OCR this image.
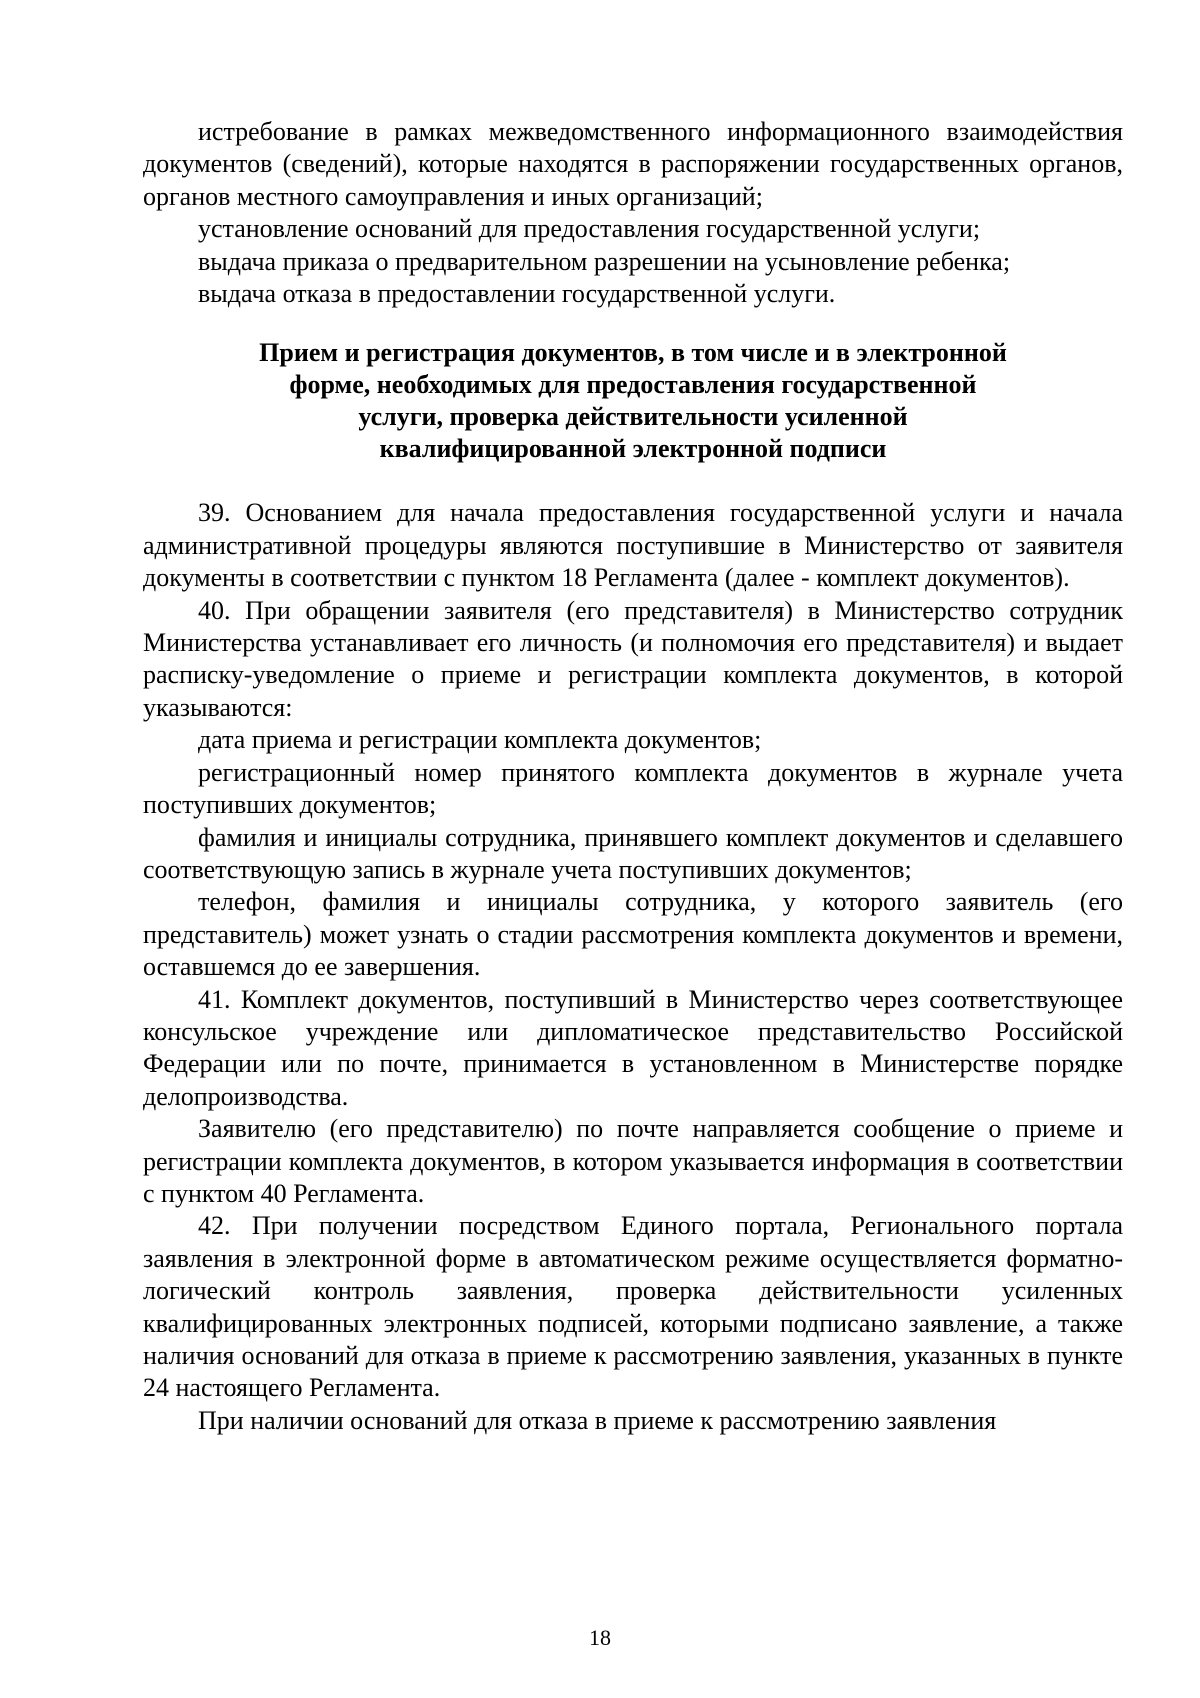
истребование в рамках межведомственного информационного взаимодействия документов (сведений), которые находятся в распоряжении государственных органов, органов местного самоуправления и иных организаций;

установление оснований для предоставления государственной услуги;

выдача приказа о предварительном разрешении на усыновление ребенка;

выдача отказа в предоставлении государственной услуги.

Прием и регистрация документов, в том числе и в электронной
форме, необходимых для предоставления государственной
услуги, проверка действительности усиленной
квалифицированной электронной подписи

39. Основанием для начала предоставления государственной услуги и начала административной процедуры являются поступившие в Министерство от заявителя документы в соответствии с пунктом 18 Регламента (далее - комплект документов).

40. При обращении заявителя (его представителя) в Министерство сотрудник Министерства устанавливает его личность (и полномочия его представителя) и выдает расписку-уведомление о приеме и регистрации комплекта документов, в которой указываются:

дата приема и регистрации комплекта документов;

регистрационный номер принятого комплекта документов в журнале учета поступивших документов;

фамилия и инициалы сотрудника, принявшего комплект документов и сделавшего соответствующую запись в журнале учета поступивших документов;

телефон, фамилия и инициалы сотрудника, у которого заявитель (его представитель) может узнать о стадии рассмотрения комплекта документов и времени, оставшемся до ее завершения.

41. Комплект документов, поступивший в Министерство через соответствующее консульское учреждение или дипломатическое представительство Российской Федерации или по почте, принимается в установленном в Министерстве порядке делопроизводства.

Заявителю (его представителю) по почте направляется сообщение о приеме и регистрации комплекта документов, в котором указывается информация в соответствии с пунктом 40 Регламента.

42. При получении посредством Единого портала, Регионального портала заявления в электронной форме в автоматическом режиме осуществляется форматно-логический контроль заявления, проверка действительности усиленных квалифицированных электронных подписей, которыми подписано заявление, а также наличия оснований для отказа в приеме к рассмотрению заявления, указанных в пункте 24 настоящего Регламента.

При наличии оснований для отказа в приеме к рассмотрению заявления

18
